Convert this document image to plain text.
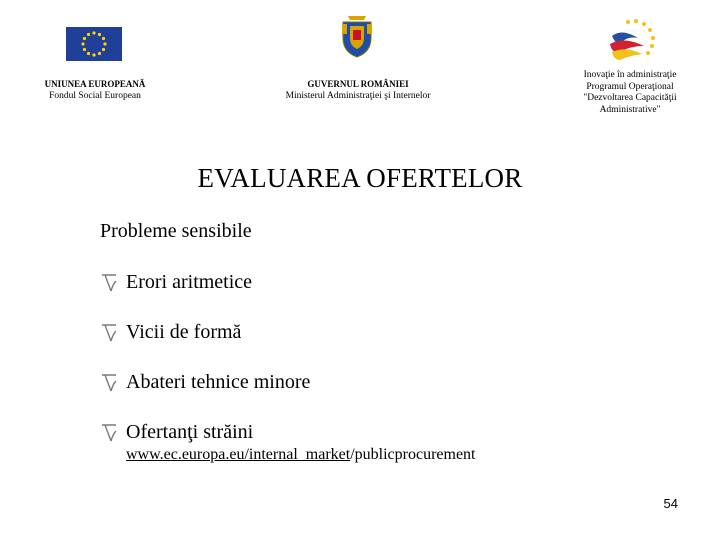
UNIUNEA EUROPEANĂ
Fondul Social European
GUVERNUL ROMÂNIEI
Ministerul Administraţiei şi Internelor
Inovaţie în administraţie
Programul Operaţional
"Dezvoltarea Capacităţii
Administrative"
EVALUAREA OFERTELOR
Probleme sensibile
Erori aritmetice
Vicii de formă
Abateri tehnice minore
Ofertanţi străini
www.ec.europa.eu/internal_market/publicprocurement
54
